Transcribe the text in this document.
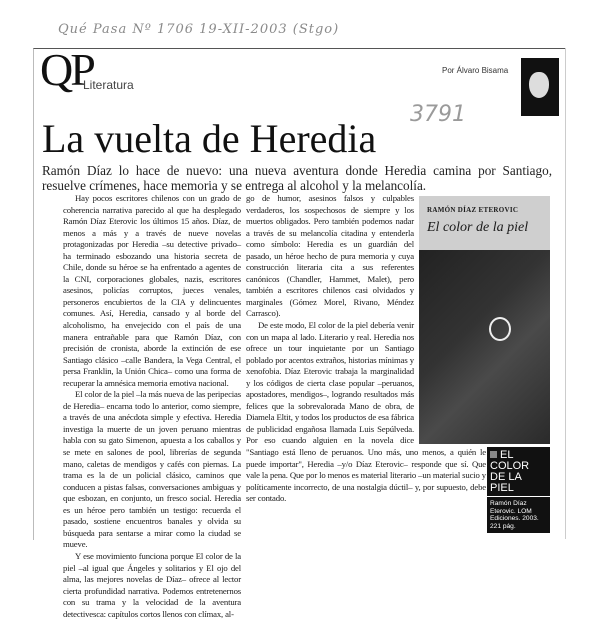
Qué Pasa Nº 1706 19-XII-2003 (Stgo)
3791
QP
Literatura
Por Álvaro Bisama
La vuelta de Heredia
Ramón Díaz lo hace de nuevo: una nueva aventura donde Heredia camina por Santiago, resuelve crímenes, hace memoria y se entrega al alcohol y la melancolía.

Hay pocos escritores chilenos con un grado de coherencia narrativa parecido al que ha desplegado Ramón Díaz Eterovic los últimos 15 años. Díaz, de menos a más y a través de nueve novelas protagonizadas por Heredia –su detective privado– ha terminado esbozando una historia secreta de Chile, donde su héroe se ha enfrentado a agentes de la CNI, corporaciones globales, nazis, escritores asesinos, policías corruptos, jueces venales, personeros encubiertos de la CIA y delincuentes comunes. Así, Heredia, cansado y al borde del alcoholismo, ha envejecido con el país de una manera entrañable para que Ramón Díaz, con precisión de cronista, aborde la extinción de ese Santiago clásico –calle Bandera, la Vega Central, el persa Franklin, la Unión Chica– como una forma de recuperar la amnésica memoria emotiva nacional.

El color de la piel –la más nueva de las peripecias de Heredia– encarna todo lo anterior, como siempre, a través de una anécdota simple y efectiva. Heredia investiga la muerte de un joven peruano mientras habla con su gato Simenon, apuesta a los caballos y se mete en salones de pool, librerías de segunda mano, caletas de mendigos y cafés con piernas. La trama es la de un policial clásico, caminos que conducen a pistas falsas, conversaciones ambiguas y que esbozan, en conjunto, un fresco social. Heredia es un héroe pero también un testigo: recuerda el pasado, sostiene encuentros banales y olvida su búsqueda para sentarse a mirar como la ciudad se mueve.

Y ese movimiento funciona porque El color de la piel –al igual que Ángeles y solitarios y El ojo del alma, las mejores novelas de Díaz– ofrece al lector cierta profundidad narrativa. Podemos entretenernos con su trama y la velocidad de la aventura detectivesca: capítulos cortos llenos con clímax, al-

go de humor, asesinos falsos y culpables verdaderos, los sospechosos de siempre y los muertos obligados. Pero también podemos nadar a través de su melancolía citadina y entenderla como símbolo: Heredia es un guardián del pasado, un héroe hecho de pura memoria y cuya construcción literaria cita a sus referentes canónicos (Chandler, Hammet, Malet), pero también a escritores chilenos casi olvidados y marginales (Gómez Morel, Rivano, Méndez Carrasco).

De este modo, El color de la piel debería venir con un mapa al lado. Literario y real. Heredia nos ofrece un tour inquietante por un Santiago poblado por acentos extraños, historias mínimas y xenofobia. Díaz Eterovic trabaja la marginalidad y los códigos de cierta clase popular –peruanos, apostadores, mendigos–, logrando resultados más felices que la sobrevalorada Mano de obra, de Diamela Eltit, y todos los productos de esa fábrica de publicidad engañosa llamada Luis Sepúlveda. Por eso cuando alguien en la novela dice "Santiago está lleno de peruanos. Uno más, uno menos, a quién le puede importar", Heredia –y/o Díaz Eterovic– responde que sí. Que vale la pena. Que por lo menos es material literario –un material sucio y políticamente incorrecto, de una nostalgia dúctil– y, por supuesto, debe ser contado.

RAMÓN DÍAZ ETEROVIC
El color de la piel
EL COLOR DE LA PIEL
Ramón Díaz Eterovic. LOM Ediciones. 2003. 221 pág.
